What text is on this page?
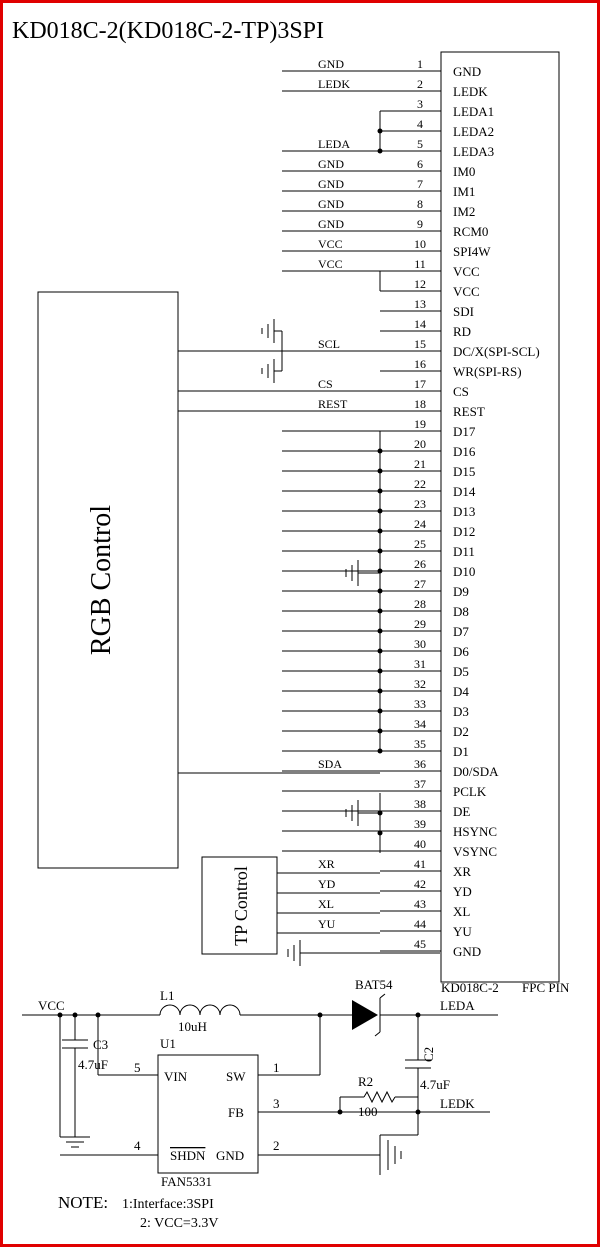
KD018C-2(KD018C-2-TP)3SPI
1 GND
GND
2 LEDK
LEDK
3 LEDA1
4 LEDA2
5 LEDA3
LEDA
6 IM0
GND
7 IM1
GND
8 IM2
GND
9 RCM0
GND
10 SPI4W
VCC
11 VCC
VCC
12 VCC
13 SDI
14 RD
15 DC/X(SPI-SCL)
SCL
16 WR(SPI-RS)
17 CS
CS
18 REST
REST
19 D17
20 D16
21 D15
22 D14
23 D13
24 D12
25 D11
26 D10
27 D9
28 D8
29 D7
30 D6
31 D5
32 D4
33 D3
34 D2
35 D1
36 D0/SDA
SDA
37 PCLK
38 DE
39 HSYNC
40 VSYNC
41 XR
XR
42 YD
YD
43 XL
XL
44 YU
YU
45 GND
RGB Control
TP Control
KD018C-2 FPC PIN
VCC
L1
10uH
BAT54
LEDA
C3
4.7uF
U1
FAN5331
VIN	SW
FB
SHDN GND
5	1
3
4	2
R2
100
LEDK
C2
4.7uF
NOTE: 1:Interface:3SPI
2: VCC=3.3V
